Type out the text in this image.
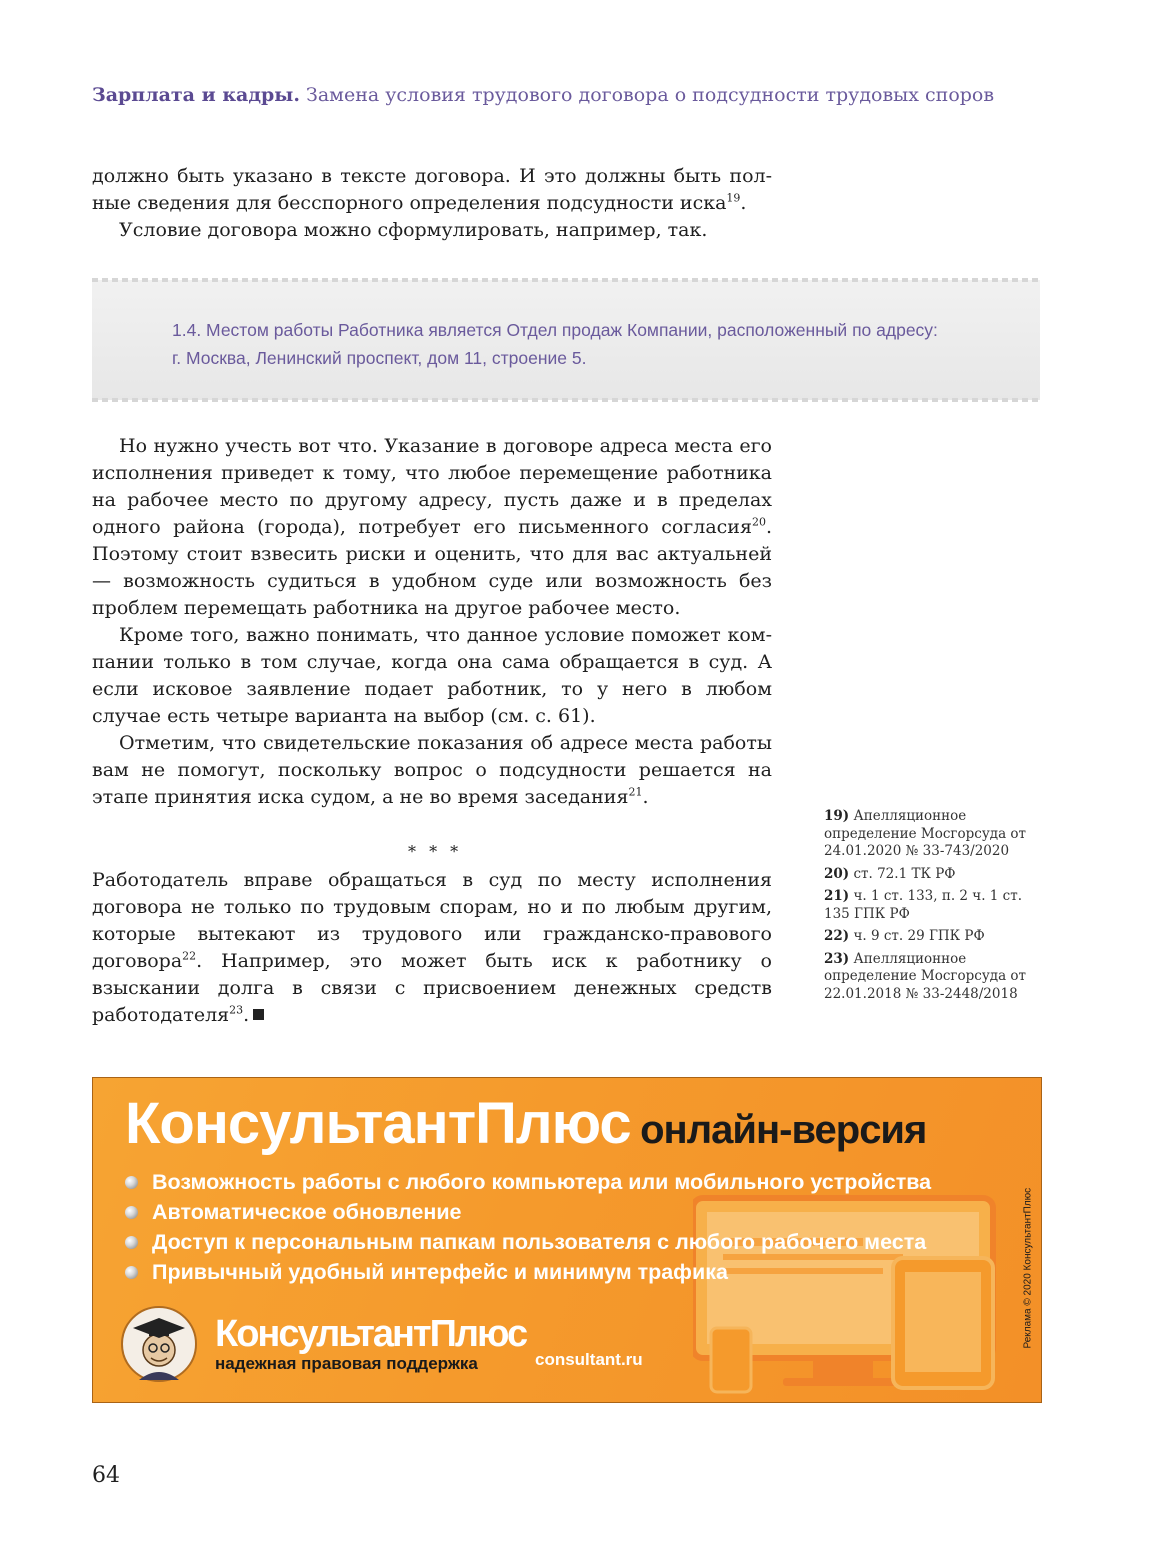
Зарплата и кадры. Замена условия трудового договора о подсудности трудовых споров

должно быть указано в тексте договора. И это должны быть пол-

ные сведения для бесспорного определения подсудности иска$^{19}$.

Условие договора можно сформулировать, например, так.

1.4. Местом работы Работника является Отдел продаж Компании, расположенный по адресу:
г. Москва, Ленинский проспект, дом 11, строение 5.

Но нужно учесть вот что. Указание в договоре адреса места его исполнения приведет к тому, что любое перемещение работника на рабочее место по другому адресу, пусть даже и в пределах одного района (города), потребует его письменного согласия$^{20}$. Поэтому стоит взвесить риски и оценить, что для вас актуальней — возможность судиться в удобном суде или возможность без проблем перемещать работника на другое рабочее место.

Кроме того, важно понимать, что данное условие поможет компании только в том случае, когда она сама обращается в суд. А если исковое заявление подает работник, то у него в любом случае есть четыре варианта на выбор (см. с. 61).

Отметим, что свидетельские показания об адресе места работы вам не помогут, поскольку вопрос о подсудности решается на этапе принятия иска судом, а не во время заседания$^{21}$.

* * *

Работодатель вправе обращаться в суд по месту исполнения договора не только по трудовым спорам, но и по любым другим, которые вытекают из трудового или гражданско-правового договора$^{22}$. Например, это может быть иск к работнику о взыскании долга в связи с присвоением денежных средств работодателя$^{23}$.

19) Апелляционное определение Мосгорсуда от 24.01.2020 № 33-743/2020

20) ст. 72.1 ТК РФ

21) ч. 1 ст. 133, п. 2 ч. 1 ст. 135 ГПК РФ

22) ч. 9 ст. 29 ГПК РФ

23) Апелляционное определение Мосгорсуда от 22.01.2018 № 33-2448/2018

КонсультантПлюс онлайн-версия
Возможность работы с любого компьютера или мобильного устройства
Автоматическое обновление
Доступ к персональным папкам пользователя с любого рабочего места
Привычный удобный интерфейс и минимум трафика
КонсультантПлюс
надежная правовая поддержка	consultant.ru
Реклама © 2020 КонсультантПлюс
64
